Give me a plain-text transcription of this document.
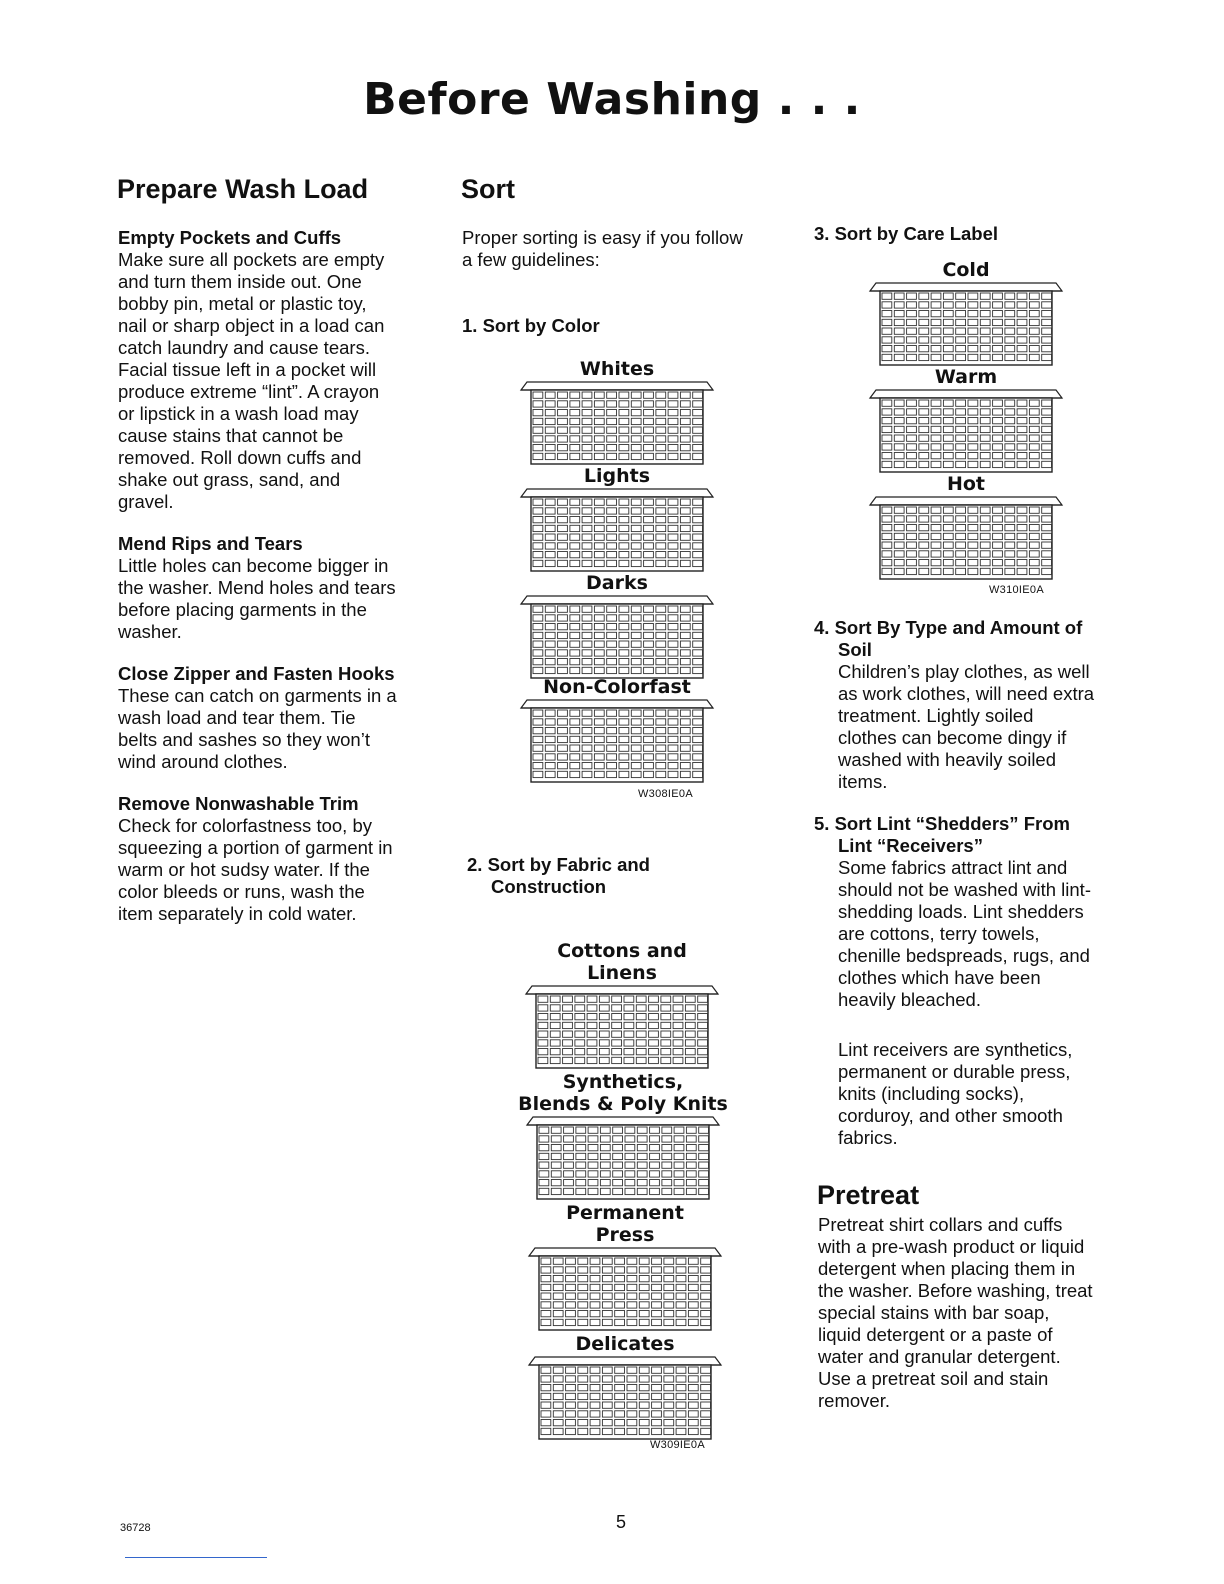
Before Washing . . .
Prepare Wash Load
Empty Pockets and Cuffs
Make sure all pockets are empty
and turn them inside out. One
bobby pin, metal or plastic toy,
nail or sharp object in a load can
catch laundry and cause tears.
Facial tissue left in a pocket will
produce extreme “lint”. A crayon
or lipstick in a wash load may
cause stains that cannot be
removed. Roll down cuffs and
shake out grass, sand, and
gravel.
Mend Rips and Tears
Little holes can become bigger in
the washer. Mend holes and tears
before placing garments in the
washer.
Close Zipper and Fasten Hooks
These can catch on garments in a
wash load and tear them. Tie
belts and sashes so they won’t
wind around clothes.
Remove Nonwashable Trim
Check for colorfastness too, by
squeezing a portion of garment in
warm or hot sudsy water. If the
color bleeds or runs, wash the
item separately in cold water.
Sort
Proper sorting is easy if you follow
a few guidelines:
1. Sort by Color
Whites
Lights
Darks
Non-Colorfast
W308IE0A
2. Sort by Fabric and
Construction
Cottons and
Linens
Synthetics,
Blends & Poly Knits
Permanent
Press
Delicates
W309IE0A
3. Sort by Care Label
Cold
Warm
Hot
W310IE0A
4. Sort By Type and Amount of
Soil
Children’s play clothes, as well
as work clothes, will need extra
treatment. Lightly soiled
clothes can become dingy if
washed with heavily soiled
items.
5. Sort Lint “Shedders” From
Lint “Receivers”
Some fabrics attract lint and
should not be washed with lint-
shedding loads. Lint shedders
are cottons, terry towels,
chenille bedspreads, rugs, and
clothes which have been
heavily bleached.
Lint receivers are synthetics,
permanent or durable press,
knits (including socks),
corduroy, and other smooth
fabrics.
Pretreat
Pretreat shirt collars and cuffs
with a pre-wash product or liquid
detergent when placing them in
the washer. Before washing, treat
special stains with bar soap,
liquid detergent or a paste of
water and granular detergent.
Use a pretreat soil and stain
remover.
36728	5
